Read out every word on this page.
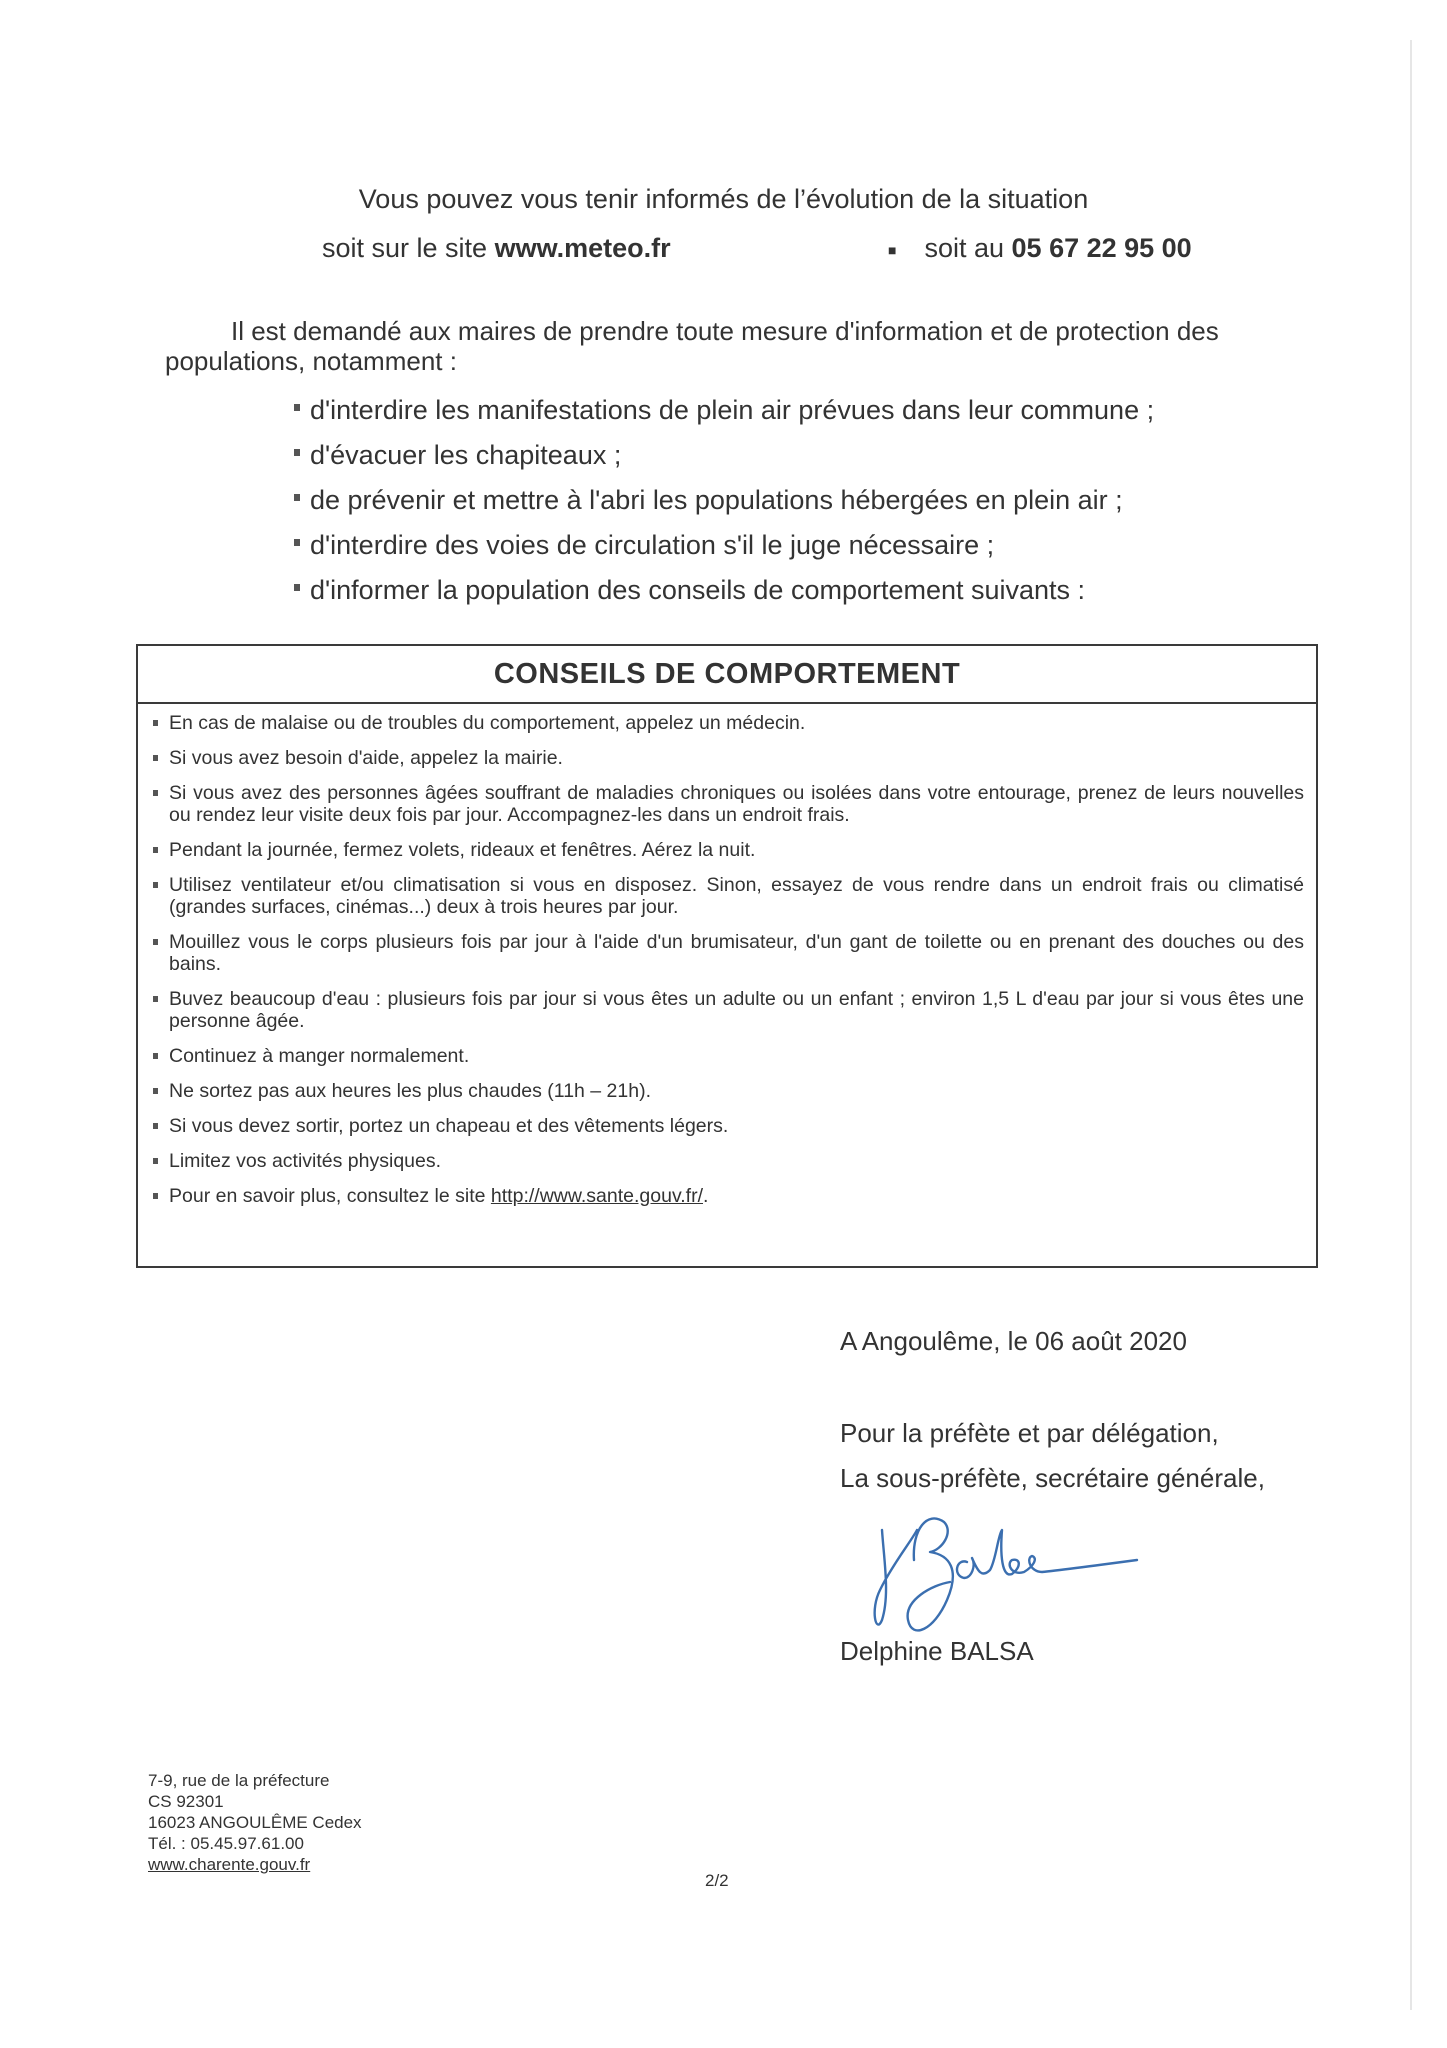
Vous pouvez vous tenir informés de l’évolution de la situation
soit sur le site www.meteo.fr	■ soit au 05 67 22 95 00
Il est demandé aux maires de prendre toute mesure d'information et de protection des populations, notamment :
d'interdire les manifestations de plein air prévues dans leur commune ;
d'évacuer les chapiteaux ;
de prévenir et mettre à l'abri les populations hébergées en plein air ;
d'interdire des voies de circulation s'il le juge nécessaire ;
d'informer la population des conseils de comportement suivants :
CONSEILS DE COMPORTEMENT
En cas de malaise ou de troubles du comportement, appelez un médecin.
Si vous avez besoin d'aide, appelez la mairie.
Si vous avez des personnes âgées souffrant de maladies chroniques ou isolées dans votre entourage, prenez de leurs nouvelles ou rendez leur visite deux fois par jour. Accompagnez-les dans un endroit frais.
Pendant la journée, fermez volets, rideaux et fenêtres. Aérez la nuit.
Utilisez ventilateur et/ou climatisation si vous en disposez. Sinon, essayez de vous rendre dans un endroit frais ou climatisé (grandes surfaces, cinémas...) deux à trois heures par jour.
Mouillez vous le corps plusieurs fois par jour à l'aide d'un brumisateur, d'un gant de toilette ou en prenant des douches ou des bains.
Buvez beaucoup d'eau : plusieurs fois par jour si vous êtes un adulte ou un enfant ; environ 1,5 L d'eau par jour si vous êtes une personne âgée.
Continuez à manger normalement.
Ne sortez pas aux heures les plus chaudes (11h – 21h).
Si vous devez sortir, portez un chapeau et des vêtements légers.
Limitez vos activités physiques.
Pour en savoir plus, consultez le site http://www.sante.gouv.fr/.
A Angoulême, le 06 août 2020
Pour la préfète et par délégation,
La sous-préfète, secrétaire générale,
Delphine BALSA
7-9, rue de la préfecture
CS 92301
16023 ANGOULÊME Cedex
Tél. : 05.45.97.61.00
www.charente.gouv.fr
2/2
